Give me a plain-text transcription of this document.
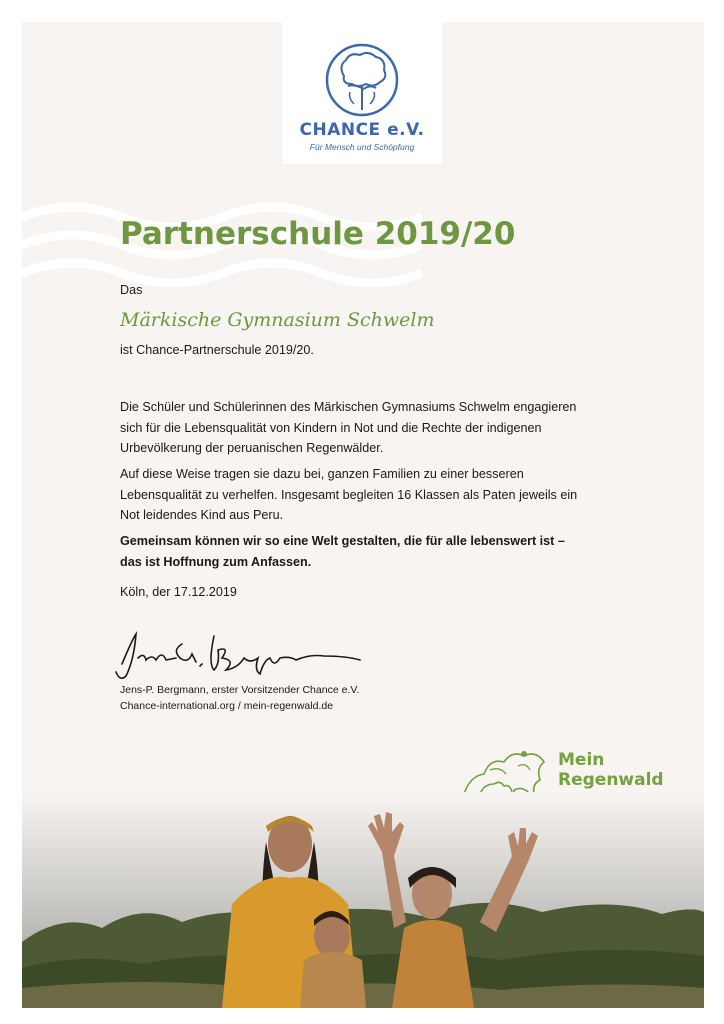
CHANCE e.V.
Für Mensch und Schöpfung
Partnerschule 2019/20

Das

Märkische Gymnasium Schwelm

ist Chance-Partnerschule 2019/20.

Die Schüler und Schülerinnen des Märkischen Gymnasiums Schwelm engagieren
sich für die Lebensqualität von Kindern in Not und die Rechte der indigenen
Urbevölkerung der peruanischen Regenwälder.

Auf diese Weise tragen sie dazu bei, ganzen Familien zu einer besseren
Lebensqualität zu verhelfen. Insgesamt begleiten 16 Klassen als Paten jeweils ein
Not leidendes Kind aus Peru.

Gemeinsam können wir so eine Welt gestalten, die für alle lebenswert ist –
das ist Hoffnung zum Anfassen.

Köln, der 17.12.2019

Jens-P. Bergmann, erster Vorsitzender Chance e.V.
Chance-international.org / mein-regenwald.de
Mein
Regenwald
